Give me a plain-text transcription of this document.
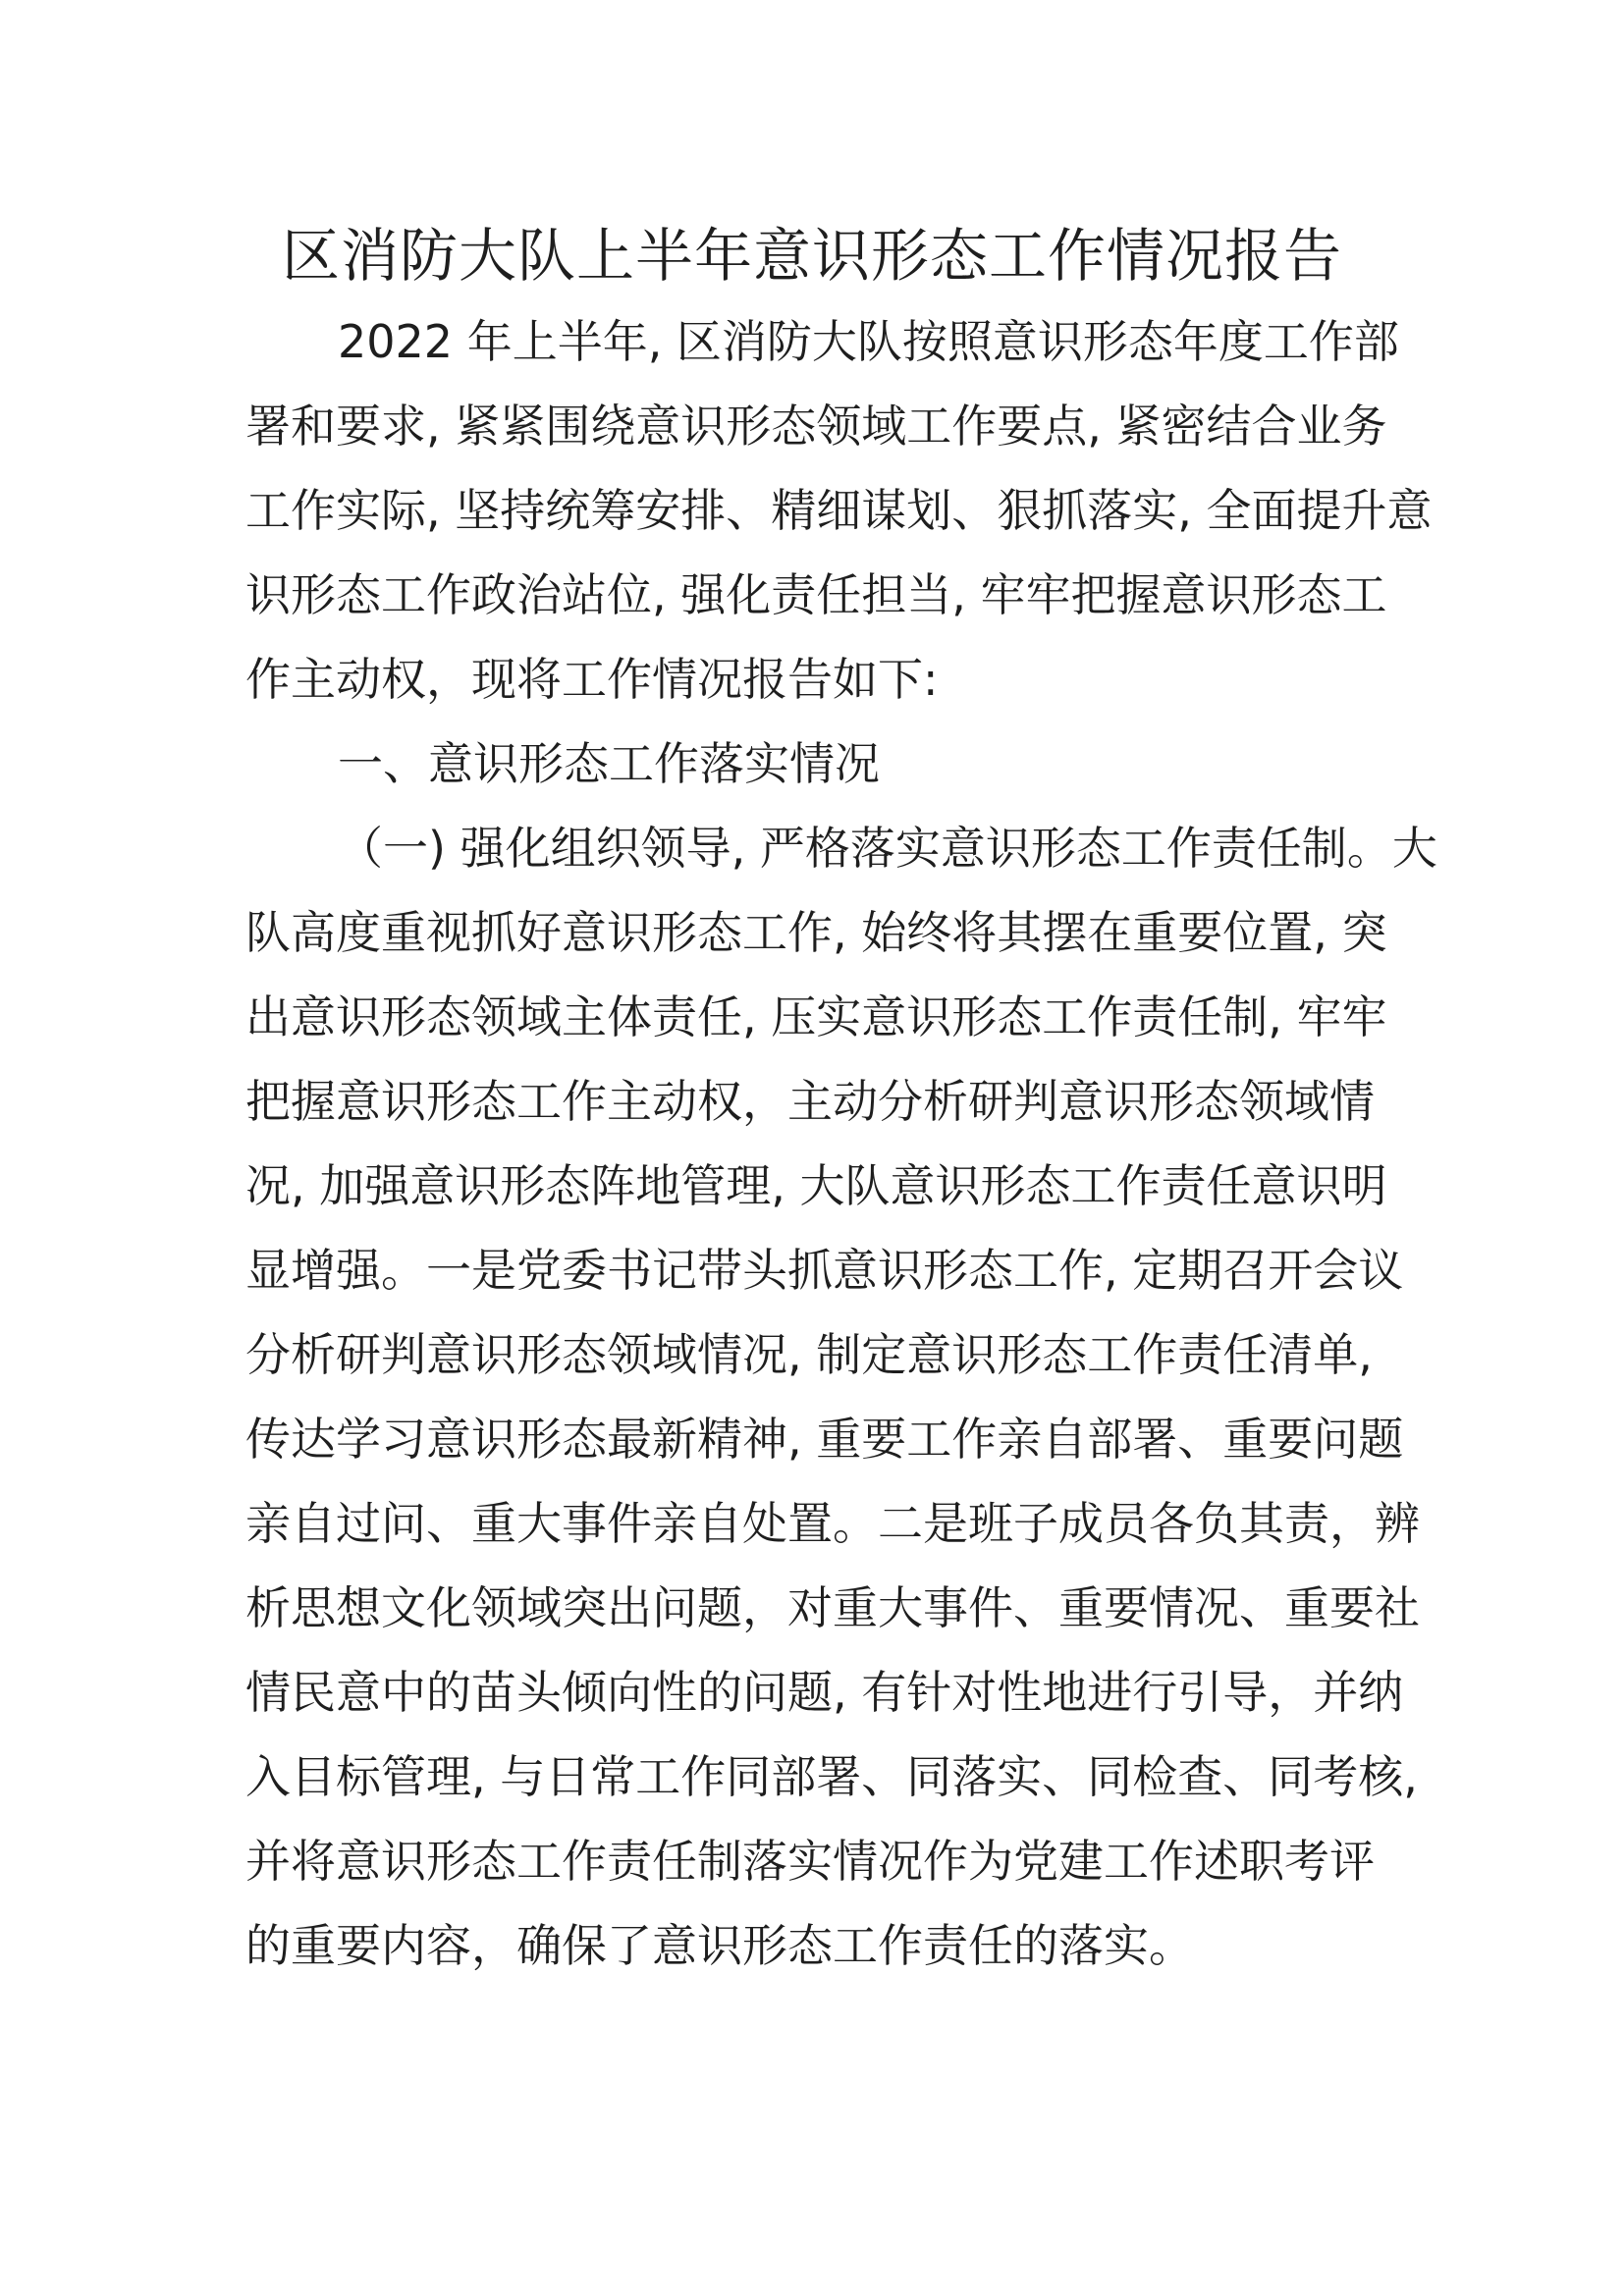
区消防大队上半年意识形态工作情况报告
2022 年上半年, 区消防大队按照意识形态年度工作部
署和要求, 紧紧围绕意识形态领域工作要点, 紧密结合业务
工作实际, 坚持统筹安排、精细谋划、狠抓落实, 全面提升意
识形态工作政治站位, 强化责任担当, 牢牢把握意识形态工
作主动权，现将工作情况报告如下:
一、意识形态工作落实情况
（一) 强化组织领导, 严格落实意识形态工作责任制。大
队高度重视抓好意识形态工作, 始终将其摆在重要位置, 突
出意识形态领域主体责任, 压实意识形态工作责任制, 牢牢
把握意识形态工作主动权，主动分析研判意识形态领域情
况, 加强意识形态阵地管理, 大队意识形态工作责任意识明
显增强。一是党委书记带头抓意识形态工作, 定期召开会议
分析研判意识形态领域情况, 制定意识形态工作责任清单,
传达学习意识形态最新精神, 重要工作亲自部署、重要问题
亲自过问、重大事件亲自处置。二是班子成员各负其责，辨
析思想文化领域突出问题，对重大事件、重要情况、重要社
情民意中的苗头倾向性的问题, 有针对性地进行引导，并纳
入目标管理, 与日常工作同部署、同落实、同检查、同考核,
并将意识形态工作责任制落实情况作为党建工作述职考评
的重要内容，确保了意识形态工作责任的落实。
